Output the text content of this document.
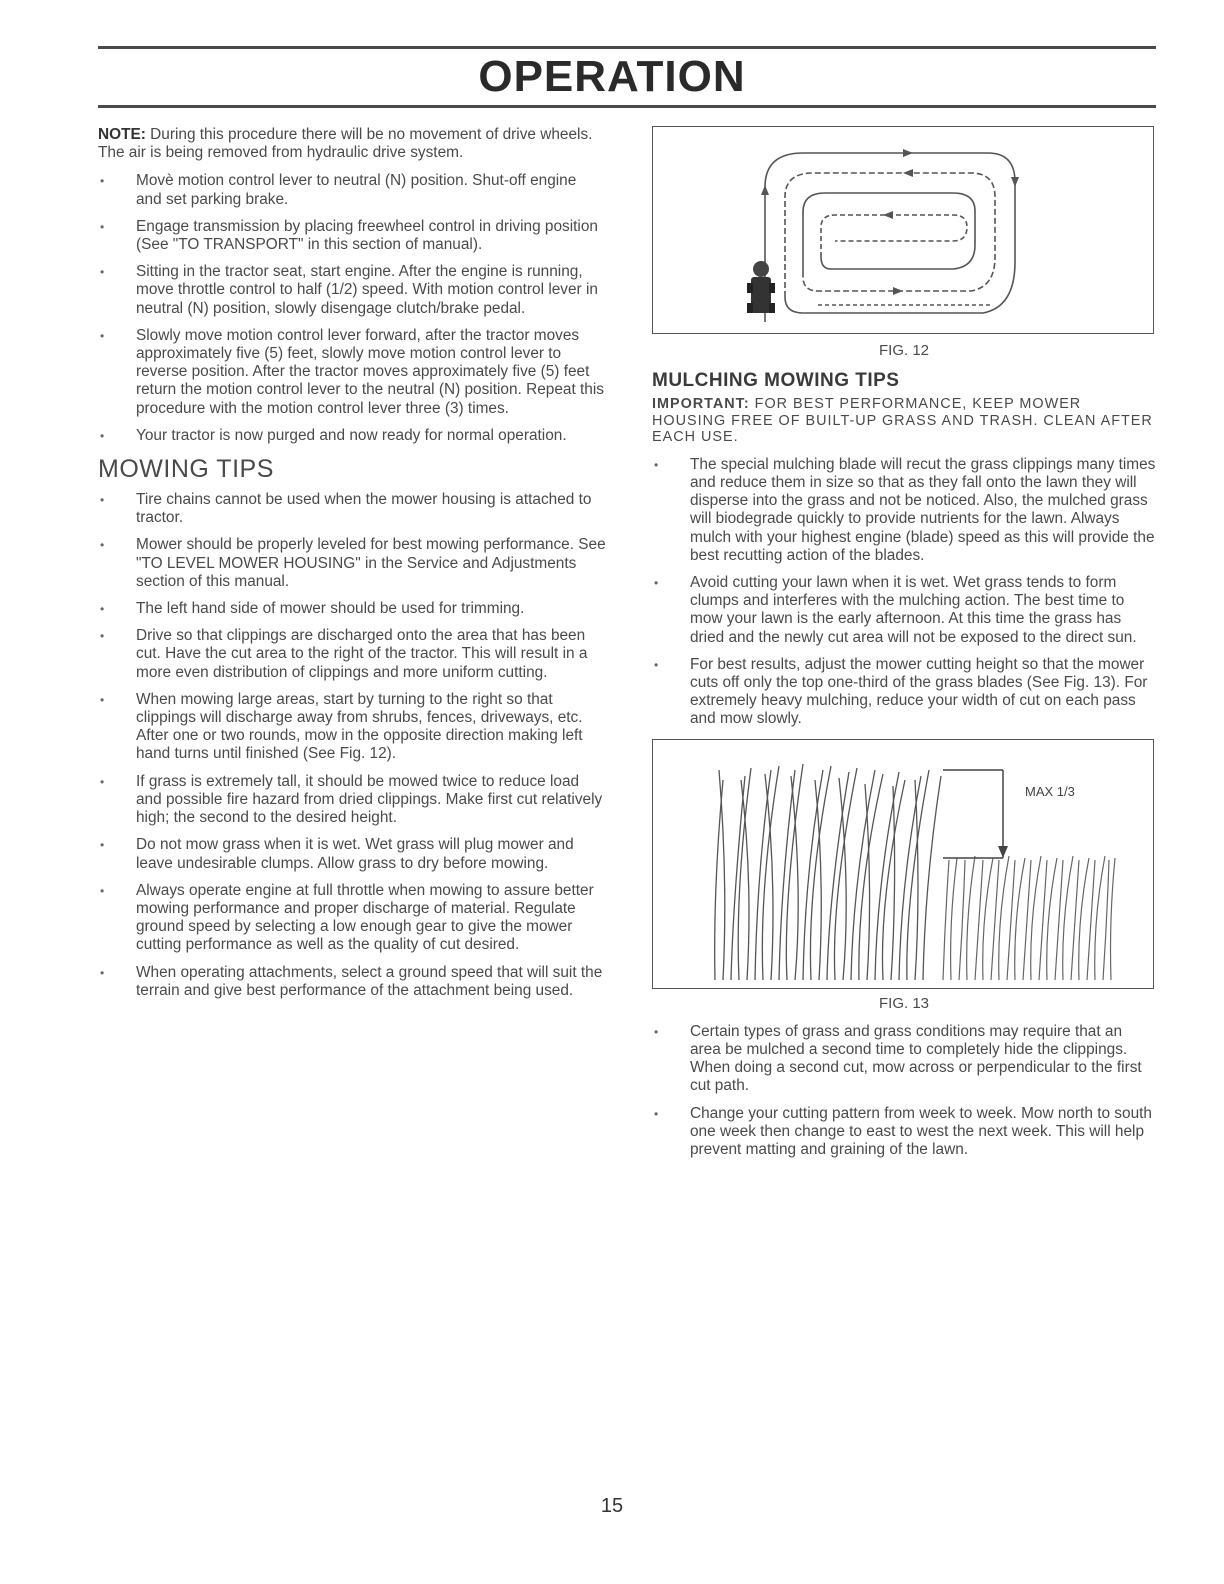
OPERATION

NOTE: During this procedure there will be no movement of drive wheels. The air is being removed from hydraulic drive system.

• Movè motion control lever to neutral (N) position. Shut-off engine and set parking brake.
• Engage transmission by placing freewheel control in driving position (See "TO TRANSPORT" in this section of manual).
• Sitting in the tractor seat, start engine. After the engine is running, move throttle control to half (1/2) speed. With motion control lever in neutral (N) position, slowly disengage clutch/brake pedal.
• Slowly move motion control lever forward, after the tractor moves approximately five (5) feet, slowly move motion control lever to reverse position. After the tractor moves approximately five (5) feet return the motion control lever to the neutral (N) position. Repeat this procedure with the motion control lever three (3) times.
• Your tractor is now purged and now ready for normal operation.
MOWING TIPS
• Tire chains cannot be used when the mower housing is attached to tractor.
• Mower should be properly leveled for best mowing performance. See "TO LEVEL MOWER HOUSING" in the Service and Adjustments section of this manual.
• The left hand side of mower should be used for trimming.
• Drive so that clippings are discharged onto the area that has been cut. Have the cut area to the right of the tractor. This will result in a more even distribution of clippings and more uniform cutting.
• When mowing large areas, start by turning to the right so that clippings will discharge away from shrubs, fences, driveways, etc. After one or two rounds, mow in the opposite direction making left hand turns until finished (See Fig. 12).
• If grass is extremely tall, it should be mowed twice to reduce load and possible fire hazard from dried clippings. Make first cut relatively high; the second to the desired height.
• Do not mow grass when it is wet. Wet grass will plug mower and leave undesirable clumps. Allow grass to dry before mowing.
• Always operate engine at full throttle when mowing to assure better mowing performance and proper discharge of material. Regulate ground speed by selecting a low enough gear to give the mower cutting performance as well as the quality of cut desired.
• When operating attachments, select a ground speed that will suit the terrain and give best performance of the attachment being used.

FIG. 12

MULCHING MOWING TIPS

IMPORTANT: FOR BEST PERFORMANCE, KEEP MOWER HOUSING FREE OF BUILT-UP GRASS AND TRASH. CLEAN AFTER EACH USE.

• The special mulching blade will recut the grass clippings many times and reduce them in size so that as they fall onto the lawn they will disperse into the grass and not be noticed. Also, the mulched grass will biodegrade quickly to provide nutrients for the lawn. Always mulch with your highest engine (blade) speed as this will provide the best recutting action of the blades.
• Avoid cutting your lawn when it is wet. Wet grass tends to form clumps and interferes with the mulching action. The best time to mow your lawn is the early afternoon. At this time the grass has dried and the newly cut area will not be exposed to the direct sun.
• For best results, adjust the mower cutting height so that the mower cuts off only the top one-third of the grass blades (See Fig. 13). For extremely heavy mulching, reduce your width of cut on each pass and mow slowly.
MAX 1/3

FIG. 13

• Certain types of grass and grass conditions may require that an area be mulched a second time to completely hide the clippings. When doing a second cut, mow across or perpendicular to the first cut path.
• Change your cutting pattern from week to week. Mow north to south one week then change to east to west the next week. This will help prevent matting and graining of the lawn.
15
